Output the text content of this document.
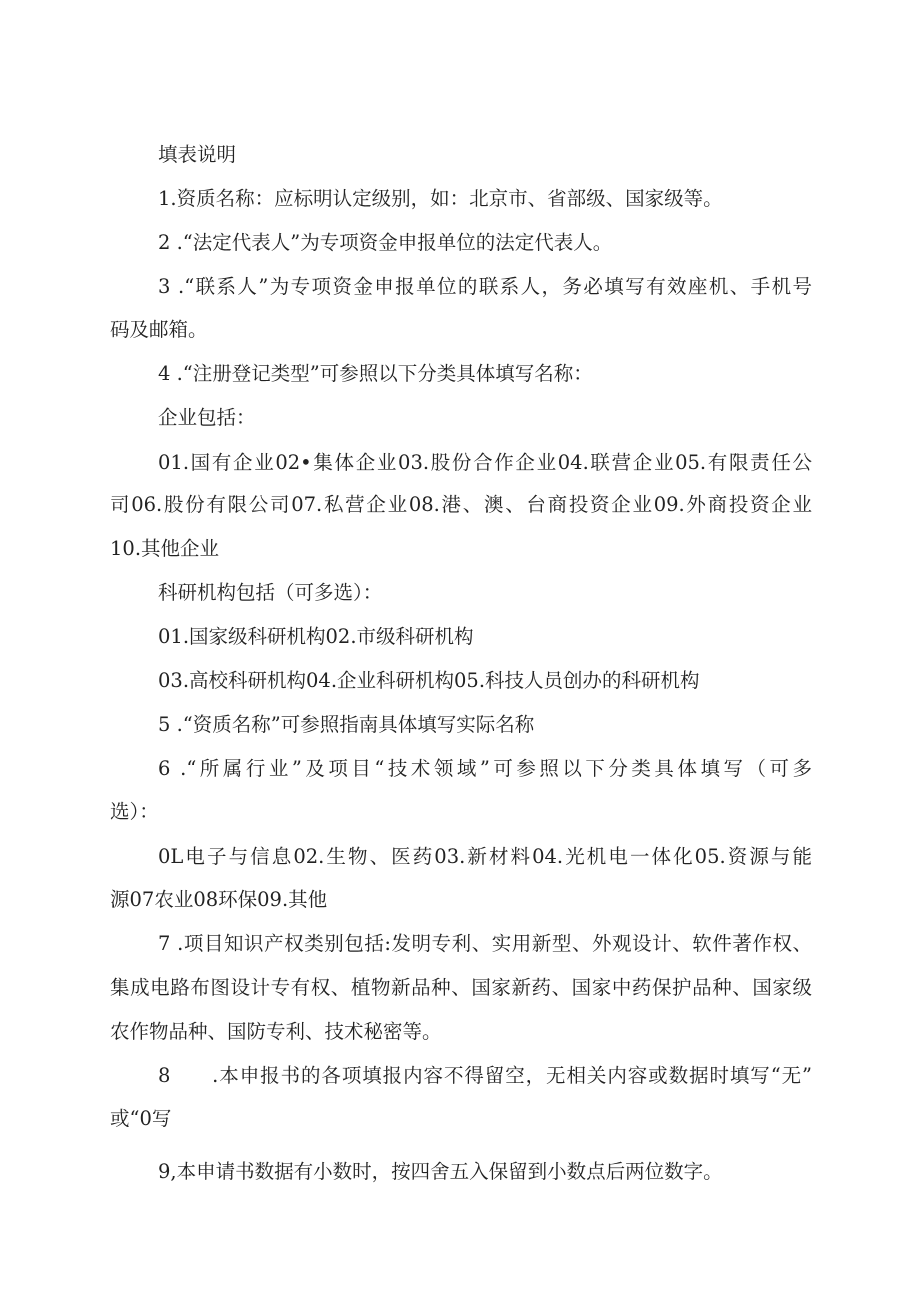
填表说明
1.资质名称：应标明认定级别，如：北京市、省部级、国家级等。
2 .“法定代表人”为专项资金申报单位的法定代表人。
3 .“联系人”为专项资金申报单位的联系人，务必填写有效座机、手机号
码及邮箱。
4 .“注册登记类型”可参照以下分类具体填写名称：
企业包括：
01.国有企业02•集体企业03.股份合作企业04.联营企业05.有限责任公
司06.股份有限公司07.私营企业08.港、澳、台商投资企业09.外商投资企业
10.其他企业
科研机构包括（可多选）：
01.国家级科研机构02.市级科研机构
03.高校科研机构04.企业科研机构05.科技人员创办的科研机构
5 .“资质名称”可参照指南具体填写实际名称
6 .“所属行业”及项目“技术领域”可参照以下分类具体填写（可多
选）：
0L电子与信息02.生物、医药03.新材料04.光机电一体化05.资源与能
源07农业08环保09.其他
7 .项目知识产权类别包括:发明专利、实用新型、外观设计、软件著作权、
集成电路布图设计专有权、植物新品种、国家新药、国家中药保护品种、国家级
农作物品种、国防专利、技术秘密等。
8　　.本申报书的各项填报内容不得留空，无相关内容或数据时填写“无”
或“0写
9,本申请书数据有小数时，按四舍五入保留到小数点后两位数字。
